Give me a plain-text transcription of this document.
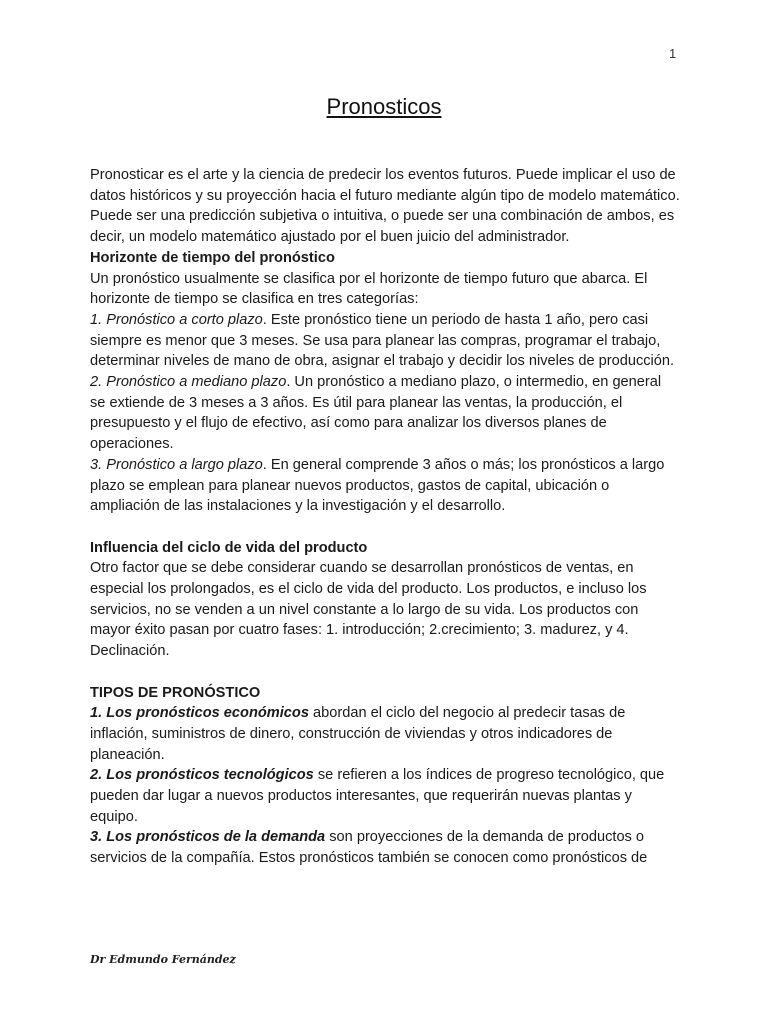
1
Pronosticos

Pronosticar es el arte y la ciencia de predecir los eventos futuros. Puede implicar el uso de datos históricos y su proyección hacia el futuro mediante algún tipo de modelo matemático. Puede ser una predicción subjetiva o intuitiva, o puede ser una combinación de ambos, es decir, un modelo matemático ajustado por el buen juicio del administrador.

Horizonte de tiempo del pronóstico

Un pronóstico usualmente se clasifica por el horizonte de tiempo futuro que abarca. El horizonte de tiempo se clasifica en tres categorías:

1. Pronóstico a corto plazo. Este pronóstico tiene un periodo de hasta 1 año, pero casi siempre es menor que 3 meses. Se usa para planear las compras, programar el trabajo, determinar niveles de mano de obra, asignar el trabajo y decidir los niveles de producción.

2. Pronóstico a mediano plazo. Un pronóstico a mediano plazo, o intermedio, en general se extiende de 3 meses a 3 años. Es útil para planear las ventas, la producción, el presupuesto y el flujo de efectivo, así como para analizar los diversos planes de operaciones.

3. Pronóstico a largo plazo. En general comprende 3 años o más; los pronósticos a largo plazo se emplean para planear nuevos productos, gastos de capital, ubicación o ampliación de las instalaciones y la investigación y el desarrollo.

Influencia del ciclo de vida del producto

Otro factor que se debe considerar cuando se desarrollan pronósticos de ventas, en especial los prolongados, es el ciclo de vida del producto. Los productos, e incluso los servicios, no se venden a un nivel constante a lo largo de su vida. Los productos con mayor éxito pasan por cuatro fases: 1. introducción; 2.crecimiento; 3. madurez, y 4. Declinación.

TIPOS DE PRONÓSTICO

1. Los pronósticos económicos abordan el ciclo del negocio al predecir tasas de inflación, suministros de dinero, construcción de viviendas y otros indicadores de planeación.

2. Los pronósticos tecnológicos se refieren a los índices de progreso tecnológico, que pueden dar lugar a nuevos productos interesantes, que requerirán nuevas plantas y equipo.

3. Los pronósticos de la demanda son proyecciones de la demanda de productos o servicios de la compañía. Estos pronósticos también se conocen como pronósticos de

Dr Edmundo Fernández
